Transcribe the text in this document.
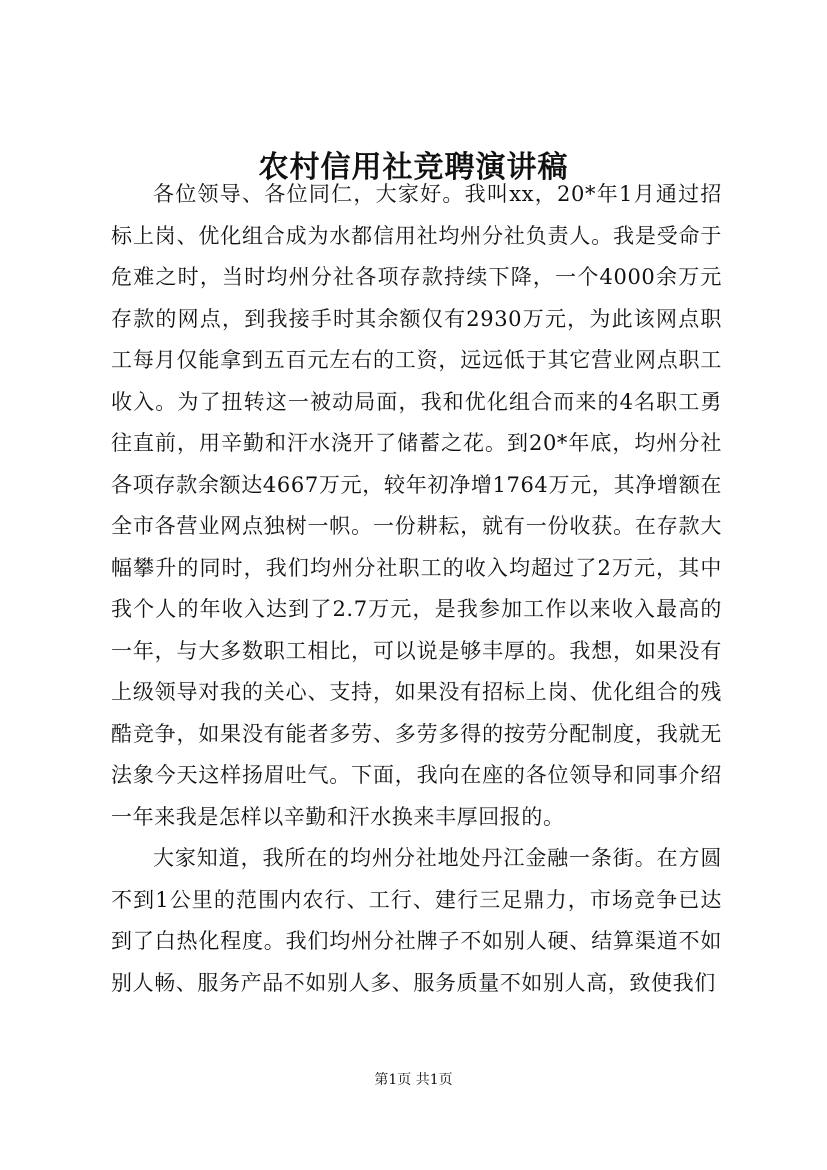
农村信用社竞聘演讲稿

各位领导、各位同仁，大家好。我叫xx，20*年1月通过招标上岗、优化组合成为水都信用社均州分社负责人。我是受命于危难之时，当时均州分社各项存款持续下降，一个4000余万元存款的网点，到我接手时其余额仅有2930万元，为此该网点职工每月仅能拿到五百元左右的工资，远远低于其它营业网点职工收入。为了扭转这一被动局面，我和优化组合而来的4名职工勇往直前，用辛勤和汗水浇开了储蓄之花。到20*年底，均州分社各项存款余额达4667万元，较年初净增1764万元，其净增额在全市各营业网点独树一帜。一份耕耘，就有一份收获。在存款大幅攀升的同时，我们均州分社职工的收入均超过了2万元，其中我个人的年收入达到了2.7万元，是我参加工作以来收入最高的一年，与大多数职工相比，可以说是够丰厚的。我想，如果没有上级领导对我的关心、支持，如果没有招标上岗、优化组合的残酷竞争，如果没有能者多劳、多劳多得的按劳分配制度，我就无法象今天这样扬眉吐气。下面，我向在座的各位领导和同事介绍一年来我是怎样以辛勤和汗水换来丰厚回报的。

大家知道，我所在的均州分社地处丹江金融一条街。在方圆不到1公里的范围内农行、工行、建行三足鼎力，市场竞争已达到了白热化程度。我们均州分社牌子不如别人硬、结算渠道不如别人畅、服务产品不如别人多、服务质量不如别人高，致使我们

第1页 共1页
